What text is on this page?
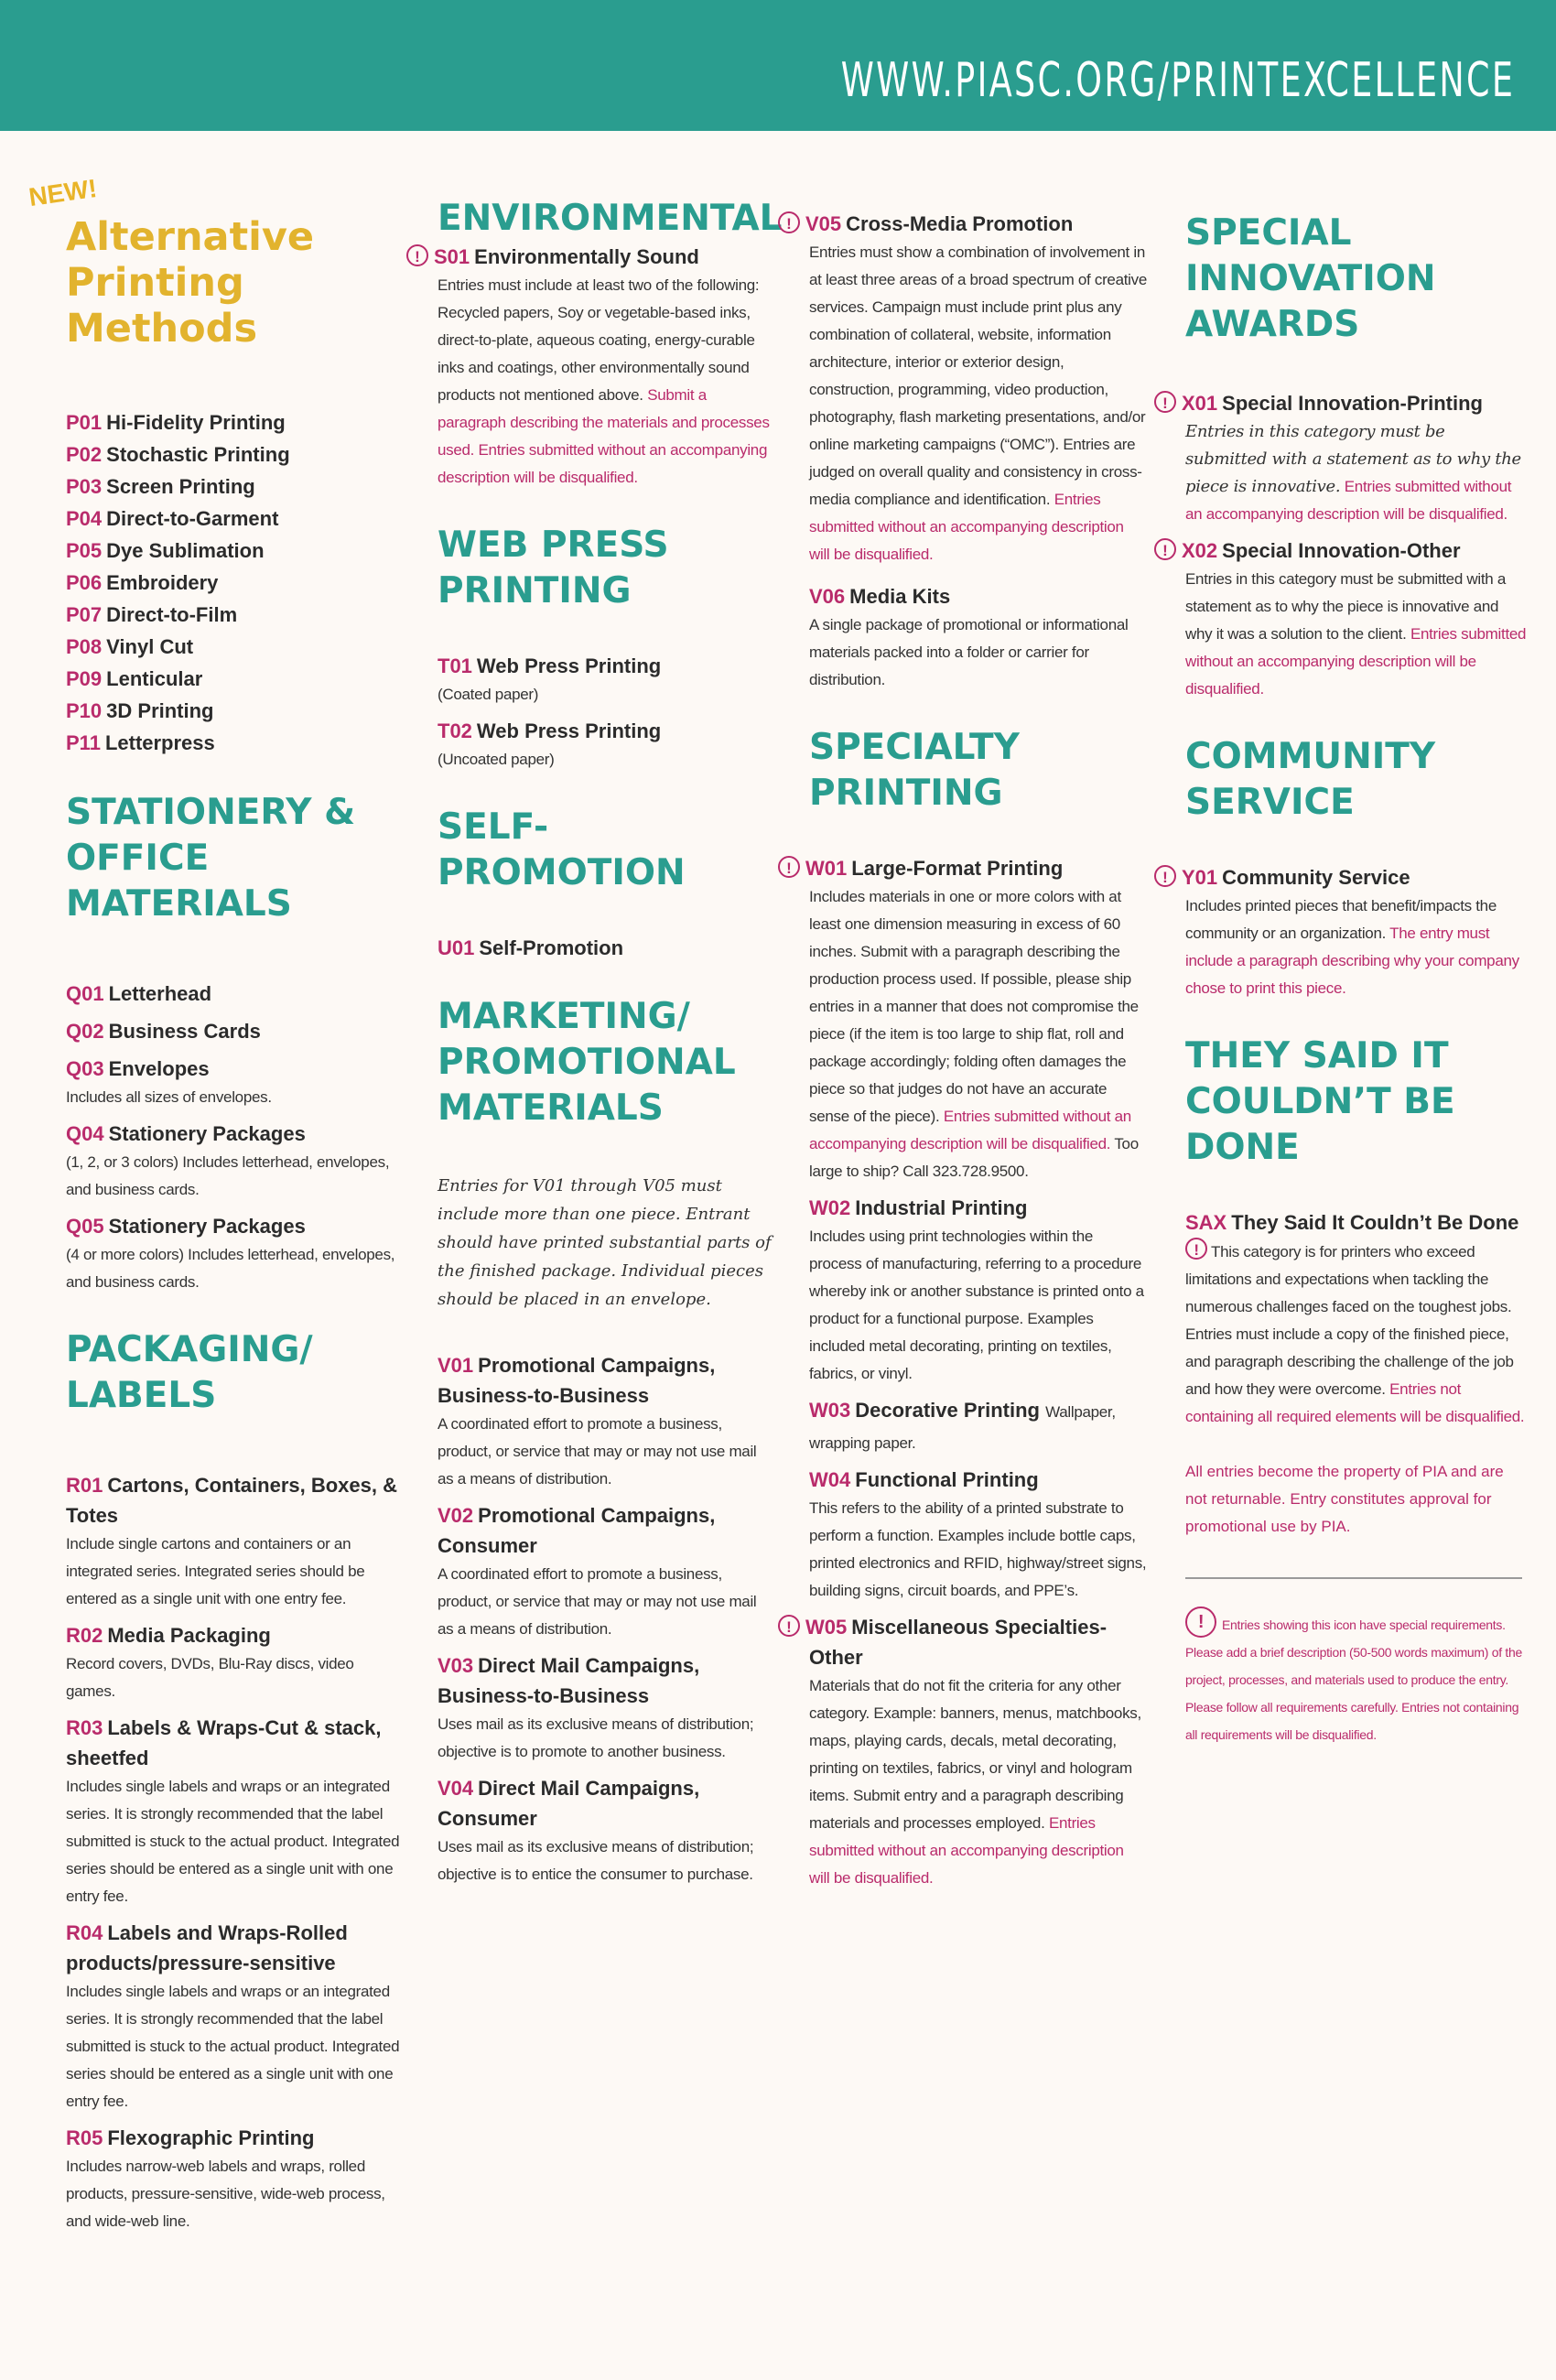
WWW.PIASC.ORG/PRINTEXCELLENCE
NEW!
Alternative Printing Methods
P01 Hi-Fidelity Printing
P02 Stochastic Printing
P03 Screen Printing
P04 Direct-to-Garment
P05 Dye Sublimation
P06 Embroidery
P07 Direct-to-Film
P08 Vinyl Cut
P09 Lenticular
P10 3D Printing
P11 Letterpress
STATIONERY & OFFICE MATERIALS
Q01 Letterhead
Q02 Business Cards
Q03 Envelopes
Includes all sizes of envelopes.
Q04 Stationery Packages
(1, 2, or 3 colors) Includes letterhead, envelopes, and business cards.
Q05 Stationery Packages
(4 or more colors) Includes letterhead, envelopes, and business cards.
PACKAGING/ LABELS
R01 Cartons, Containers, Boxes, & Totes
Include single cartons and containers or an integrated series. Integrated series should be entered as a single unit with one entry fee.
R02 Media Packaging
Record covers, DVDs, Blu-Ray discs, video games.
R03 Labels & Wraps-Cut & stack, sheetfed
Includes single labels and wraps or an integrated series. It is strongly recommended that the label submitted is stuck to the actual product. Integrated series should be entered as a single unit with one entry fee.
R04 Labels and Wraps-Rolled products/pressure-sensitive
Includes single labels and wraps or an integrated series. It is strongly recommended that the label submitted is stuck to the actual product. Integrated series should be entered as a single unit with one entry fee.
R05 Flexographic Printing
Includes narrow-web labels and wraps, rolled products, pressure-sensitive, wide-web process, and wide-web line.
ENVIRONMENTAL
! S01 Environmentally Sound
Entries must include at least two of the following: Recycled papers, Soy or vegetable-based inks, direct-to-plate, aqueous coating, energy-curable inks and coatings, other environmentally sound products not mentioned above. Submit a paragraph describing the materials and processes used. Entries submitted without an accompanying description will be disqualified.
WEB PRESS PRINTING
T01 Web Press Printing
(Coated paper)
T02 Web Press Printing
(Uncoated paper)
SELF-PROMOTION
U01 Self-Promotion
MARKETING/ PROMOTIONAL MATERIALS
Entries for V01 through V05 must include more than one piece. Entrant should have printed substantial parts of the finished package. Individual pieces should be placed in an envelope.
V01 Promotional Campaigns, Business-to-Business
A coordinated effort to promote a business, product, or service that may or may not use mail as a means of distribution.
V02 Promotional Campaigns, Consumer
A coordinated effort to promote a business, product, or service that may or may not use mail as a means of distribution.
V03 Direct Mail Campaigns, Business-to-Business
Uses mail as its exclusive means of distribution; objective is to promote to another business.
V04 Direct Mail Campaigns, Consumer
Uses mail as its exclusive means of distribution; objective is to entice the consumer to purchase.
! V05 Cross-Media Promotion
Entries must show a combination of involvement in at least three areas of a broad spectrum of creative services. Campaign must include print plus any combination of collateral, website, information architecture, interior or exterior design, construction, programming, video production, photography, flash marketing presentations, and/or online marketing campaigns (“OMC”). Entries are judged on overall quality and consistency in cross-media compliance and identification. Entries submitted without an accompanying description will be disqualified.
V06 Media Kits
A single package of promotional or informational materials packed into a folder or carrier for distribution.
SPECIALTY PRINTING
! W01 Large-Format Printing
Includes materials in one or more colors with at least one dimension measuring in excess of 60 inches. Submit with a paragraph describing the production process used. If possible, please ship entries in a manner that does not compromise the piece (if the item is too large to ship flat, roll and package accordingly; folding often damages the piece so that judges do not have an accurate sense of the piece). Entries submitted without an accompanying description will be disqualified. Too large to ship? Call 323.728.9500.
W02 Industrial Printing
Includes using print technologies within the process of manufacturing, referring to a procedure whereby ink or another substance is printed onto a product for a functional purpose. Examples included metal decorating, printing on textiles, fabrics, or vinyl.
W03 Decorative Printing Wallpaper, wrapping paper.
W04 Functional Printing
This refers to the ability of a printed substrate to perform a function. Examples include bottle caps, printed electronics and RFID, highway/street signs, building signs, circuit boards, and PPE’s.
! W05 Miscellaneous Specialties-Other
Materials that do not fit the criteria for any other category. Example: banners, menus, matchbooks, maps, playing cards, decals, metal decorating, printing on textiles, fabrics, or vinyl and hologram items. Submit entry and a paragraph describing materials and processes employed. Entries submitted without an accompanying description will be disqualified.
SPECIAL INNOVATION AWARDS
! X01 Special Innovation-Printing
Entries in this category must be submitted with a statement as to why the piece is innovative. Entries submitted without an accompanying description will be disqualified.
! X02 Special Innovation-Other
Entries in this category must be submitted with a statement as to why the piece is innovative and why it was a solution to the client. Entries submitted without an accompanying description will be disqualified.
COMMUNITY SERVICE
! Y01 Community Service
Includes printed pieces that benefit/impacts the community or an organization. The entry must include a paragraph describing why your company chose to print this piece.
THEY SAID IT COULDN’T BE DONE
SAX They Said It Couldn’t Be Done
! This category is for printers who exceed limitations and expectations when tackling the numerous challenges faced on the toughest jobs. Entries must include a copy of the finished piece, and paragraph describing the challenge of the job and how they were overcome. Entries not containing all required elements will be disqualified.
All entries become the property of PIA and are not returnable. Entry constitutes approval for promotional use by PIA.
! Entries showing this icon have special requirements. Please add a brief description (50-500 words maximum) of the project, processes, and materials used to produce the entry. Please follow all requirements carefully. Entries not containing all requirements will be disqualified.
